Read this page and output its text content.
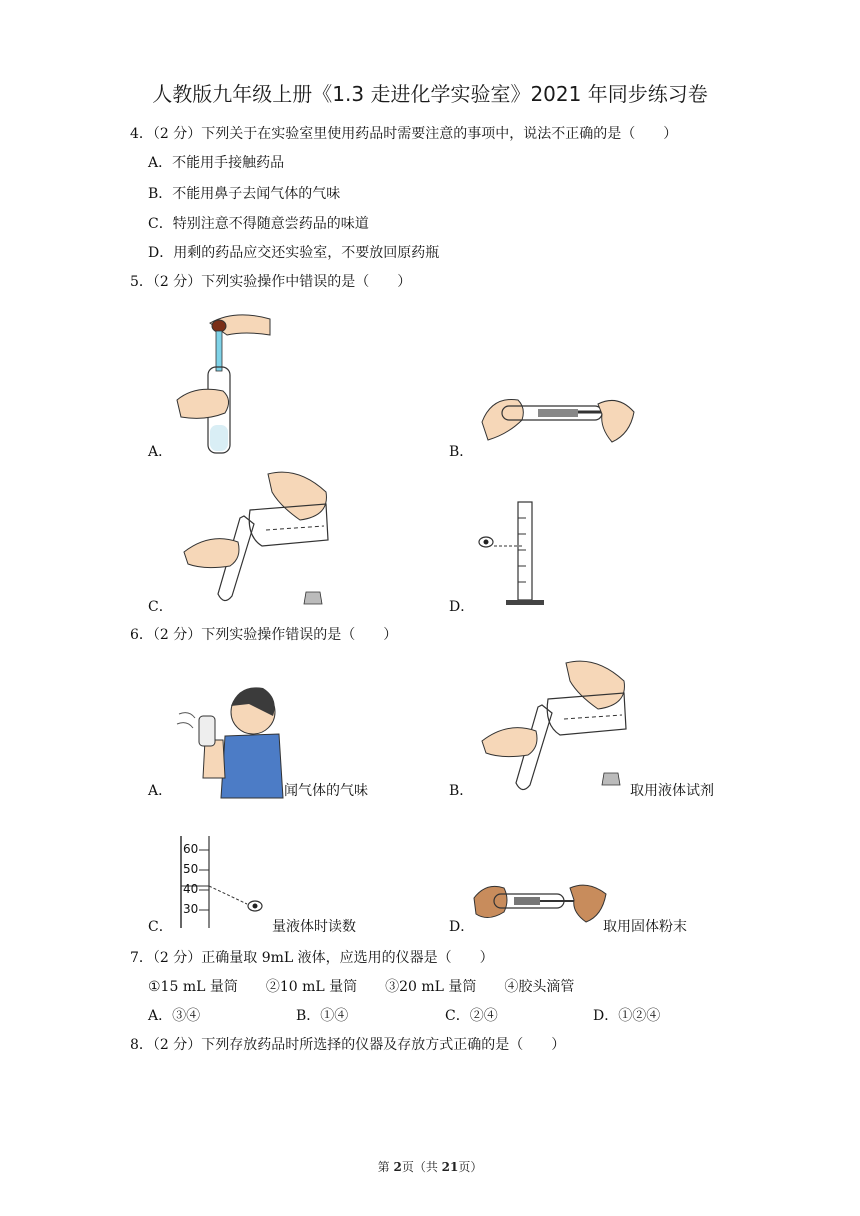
人教版九年级上册《1.3 走进化学实验室》2021 年同步练习卷
4．（2 分）下列关于在实验室里使用药品时需要注意的事项中，说法不正确的是（　　）
A．不能用手接触药品
B．不能用鼻子去闻气体的气味
C．特别注意不得随意尝药品的味道
D．用剩的药品应交还实验室，不要放回原药瓶
5．（2 分）下列实验操作中错误的是（　　）
A．	B．
C．	D．
6．（2 分）下列实验操作错误的是（　　）
A．	闻气体的气味	B．	取用液体试剂
C．
60
50
40
30
量液体时读数	D．	取用固体粉末
7．（2 分）正确量取 9mL 液体，应选用的仪器是（　　）
①15 mL 量筒　　②10 mL 量筒　　③20 mL 量筒　　④胶头滴管
A．③④	B．①④	C．②④	D．①②④
8．（2 分）下列存放药品时所选择的仪器及存放方式正确的是（　　）
第 2页（共 21页）
